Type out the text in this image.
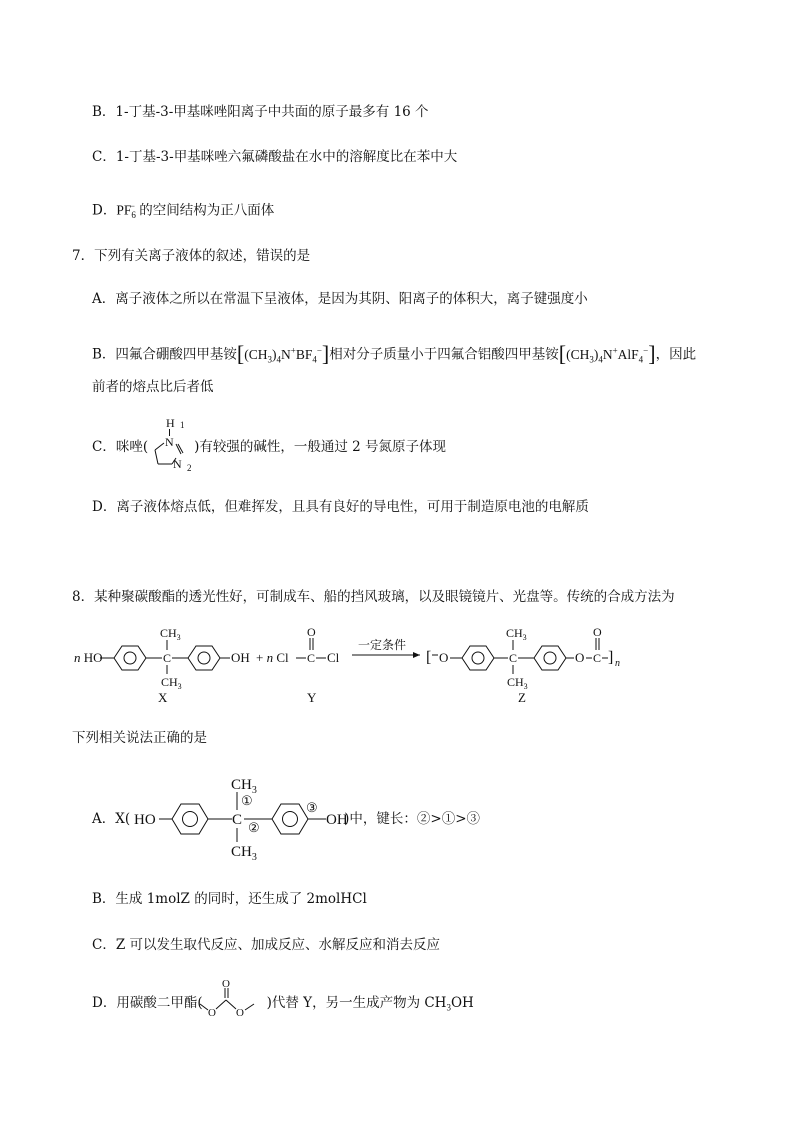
B．1-丁基-3-甲基咪唑阳离子中共面的原子最多有 16 个
C．1-丁基-3-甲基咪唑六氟磷酸盐在水中的溶解度比在苯中大
D．$PF_6^-$ 的空间结构为正八面体
7．下列有关离子液体的叙述，错误的是
A．离子液体之所以在常温下呈液体，是因为其阴、阳离子的体积大，离子键强度小
B．四氟合硼酸四甲基铵$[(CH_3)_4N^+BF_4^-]$相对分子质量小于四氟合铝酸四甲基铵$[(CH_3)_4N^+AlF_4^-]$，因此
前者的熔点比后者低
C．咪唑(	)有较强的碱性，一般通过 2 号氮原子体现
H 1
N
N 2
D．离子液体熔点低，但难挥发，且具有良好的导电性，可用于制造原电池的电解质
8．某种聚碳酸酯的透光性好，可制成车、船的挡风玻璃，以及眼镜镜片、光盘等。传统的合成方法为
n HO	C
$CH_3$
$CH_3$
OH
X
+ n Cl C
O
Cl
Y
一定条件
[ O	C
$CH_3$
$CH_3$
O C
O
] n
Z
下列相关说法正确的是
A．X(	)中，键长：②>①>③
HO	C
$CH_3$
①
$CH_3$
②
③
OH
B．生成 1molZ 的同时，还生成了 2molHCl
C．Z 可以发生取代反应、加成反应、水解反应和消去反应
D．用碳酸二甲酯(	)代替 Y，另一生成产物为 $CH_3OH$
O
O
O
